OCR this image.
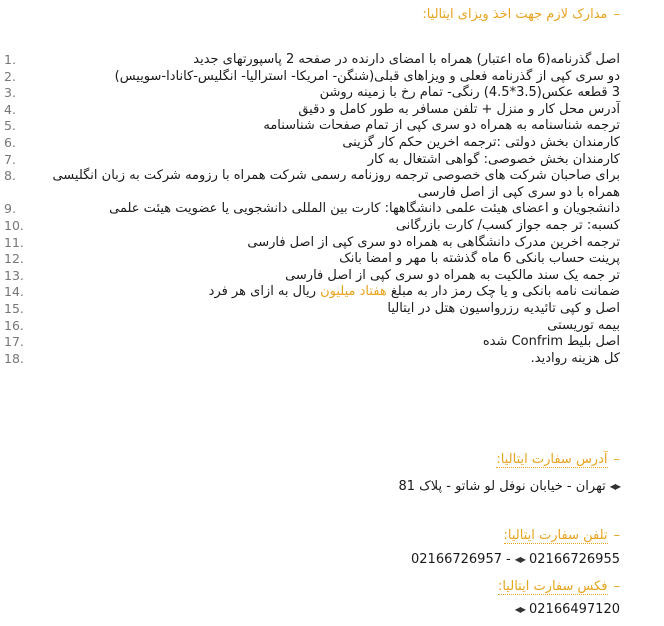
–مدارک لازم جهت اخذ ویزای ایتالیا:
1.	اصل گذرنامه(6 ماه اعتبار) همراه با امضای دارنده در صفحه 2 پاسپورتهای جدید
2.	دو سری کپی از گذرنامه فعلی و ویزاهای قبلی(شنگن- امریکا- استرالیا- انگلیس-کانادا-سوییس)
3.	3 قطعه عکس(3.5*4.5) رنگی- تمام رخ با زمینه روشن
4.	آدرس محل کار و منزل + تلفن مسافر به طور کامل و دقیق
5.	ترجمه شناسنامه به همراه دو سری کپی از تمام صفحات شناسنامه
6.	کارمندان بخش دولتی :ترجمه اخرین حکم کار گزینی
7.	کارمندان بخش خصوصی: گواهی اشتغال به کار
8.	برای صاحبان شرکت های خصوصی ترجمه روزنامه رسمی شرکت همراه با رزومه شرکت به زبان انگلیسی همراه با دو سری کپی از اصل فارسی
9.	دانشجویان و اعضای هیئت علمی دانشگاهها: کارت بین المللی دانشجویی یا عضویت هیئت علمی
10.	کسبه: تر جمه جواز کسب/ کارت بازرگانی
11.	ترجمه اخرین مدرک دانشگاهی به همراه دو سری کپی از اصل فارسی
12.	پرینت حساب بانکی 6 ماه گذشته با مهر و امضا بانک
13.	تر جمه یک سند مالکیت به همراه دو سری کپی از اصل فارسی
14.	ضمانت نامه بانکی و یا چک رمز دار به مبلغ هفتاد میلیون ریال به ازای هر فرد
15.	اصل و کپی تائیدیه رزرواسیون هتل در ایتالیا
16.	بیمه توریستی
17.	اصل بلیط Confrim شده
18.	کل هزینه روادید.
–آدرس سفارت ایتالیا:
◀▶
تهران - خیابان نوفل لو شاتو - پلاک 81
–تلفن سفارت ایتالیا:
02166726955
◀▶
-
02166726957
–فکس سفارت ایتالیا:
02166497120
◀▶
